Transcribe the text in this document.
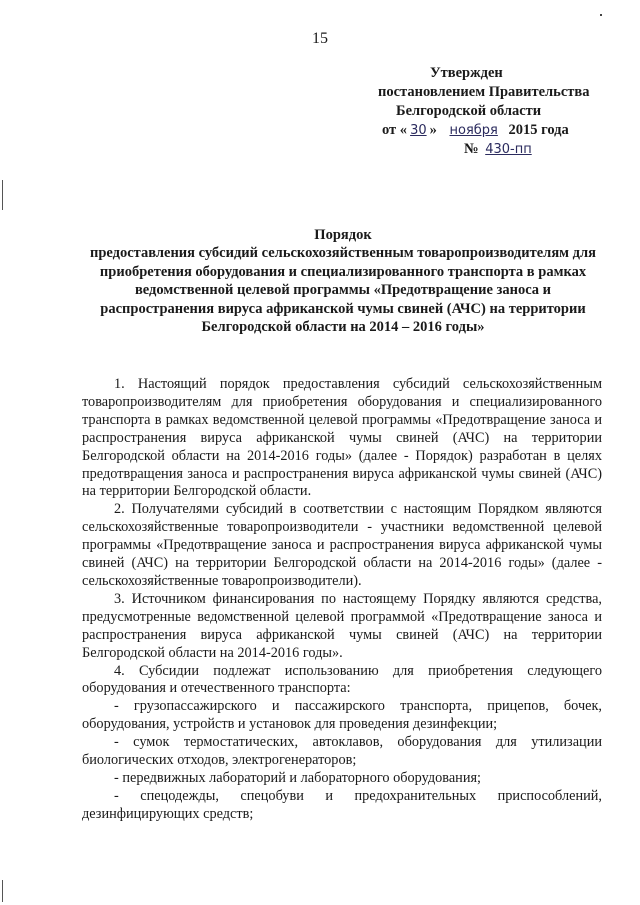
15
Утвержден
постановлением Правительства
Белгородской области
от « 30 » ноября 2015 года
№ 430-пп
Порядок
предоставления субсидий сельскохозяйственным товаропроизводителям для приобретения оборудования и специализированного транспорта в рамках ведомственной целевой программы «Предотвращение заноса и распространения вируса африканской чумы свиней (АЧС) на территории Белгородской области на 2014 – 2016 годы»

1. Настоящий порядок предоставления субсидий сельскохозяйственным товаропроизводителям для приобретения оборудования и специализированного транспорта в рамках ведомственной целевой программы «Предотвращение заноса и распространения вируса африканской чумы свиней (АЧС) на территории Белгородской области на 2014-2016 годы» (далее - Порядок) разработан в целях предотвращения заноса и распространения вируса африканской чумы свиней (АЧС) на территории Белгородской области.

2. Получателями субсидий в соответствии с настоящим Порядком являются сельскохозяйственные товаропроизводители - участники ведомственной целевой программы «Предотвращение заноса и распространения вируса африканской чумы свиней (АЧС) на территории Белгородской области на 2014-2016 годы» (далее - сельскохозяйственные товаропроизводители).

3. Источником финансирования по настоящему Порядку являются средства, предусмотренные ведомственной целевой программой «Предотвращение заноса и распространения вируса африканской чумы свиней (АЧС) на территории Белгородской области на 2014-2016 годы».

4. Субсидии подлежат использованию для приобретения следующего оборудования и отечественного транспорта:

- грузопассажирского и пассажирского транспорта, прицепов, бочек, оборудования, устройств и установок для проведения дезинфекции;

- сумок термостатических, автоклавов, оборудования для утилизации биологических отходов, электрогенераторов;

- передвижных лабораторий и лабораторного оборудования;

- спецодежды, спецобуви и предохранительных приспособлений, дезинфицирующих средств;
